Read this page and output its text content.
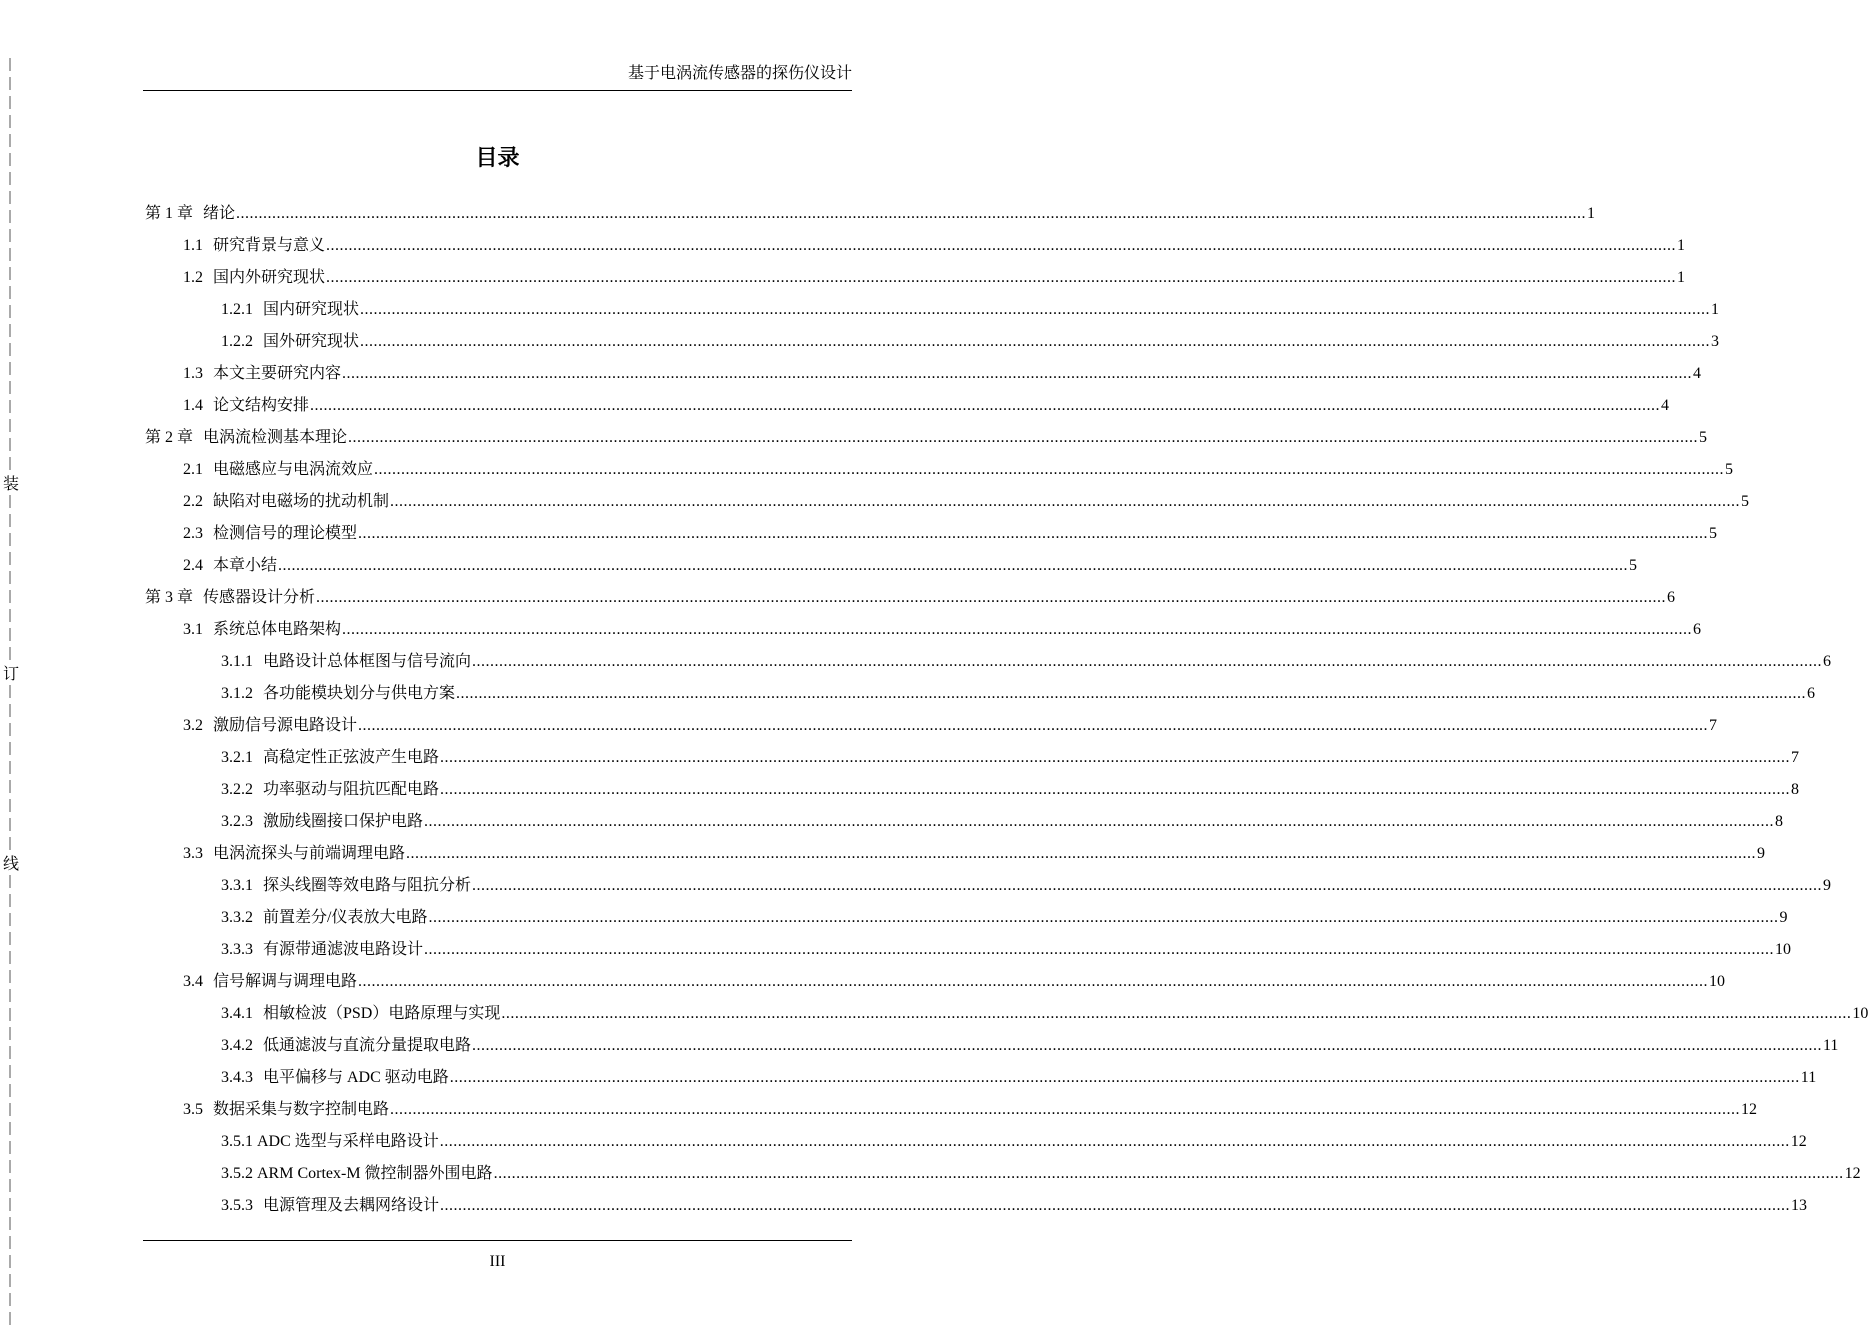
装
订
线
基于电涡流传感器的探伤仪设计
目录
第 1 章 绪论 ............................................................................................................................................................................................................................................................................................................ 1
1.1 研究背景与意义 ............................................................................................................................................................................................................................................................................................................ 1
1.2 国内外研究现状 ............................................................................................................................................................................................................................................................................................................ 1
1.2.1 国内研究现状 ............................................................................................................................................................................................................................................................................................................ 1
1.2.2 国外研究现状 ............................................................................................................................................................................................................................................................................................................ 3
1.3 本文主要研究内容 ............................................................................................................................................................................................................................................................................................................ 4
1.4 论文结构安排 ............................................................................................................................................................................................................................................................................................................ 4
第 2 章 电涡流检测基本理论 ............................................................................................................................................................................................................................................................................................................ 5
2.1 电磁感应与电涡流效应 ............................................................................................................................................................................................................................................................................................................ 5
2.2 缺陷对电磁场的扰动机制 ............................................................................................................................................................................................................................................................................................................ 5
2.3 检测信号的理论模型 ............................................................................................................................................................................................................................................................................................................ 5
2.4 本章小结 ............................................................................................................................................................................................................................................................................................................ 5
第 3 章 传感器设计分析 ............................................................................................................................................................................................................................................................................................................ 6
3.1 系统总体电路架构 ............................................................................................................................................................................................................................................................................................................ 6
3.1.1 电路设计总体框图与信号流向 ............................................................................................................................................................................................................................................................................................................ 6
3.1.2 各功能模块划分与供电方案 ............................................................................................................................................................................................................................................................................................................ 6
3.2 激励信号源电路设计 ............................................................................................................................................................................................................................................................................................................ 7
3.2.1 高稳定性正弦波产生电路 ............................................................................................................................................................................................................................................................................................................ 7
3.2.2 功率驱动与阻抗匹配电路 ............................................................................................................................................................................................................................................................................................................ 8
3.2.3 激励线圈接口保护电路 ............................................................................................................................................................................................................................................................................................................ 8
3.3 电涡流探头与前端调理电路 ............................................................................................................................................................................................................................................................................................................ 9
3.3.1 探头线圈等效电路与阻抗分析 ............................................................................................................................................................................................................................................................................................................ 9
3.3.2 前置差分/仪表放大电路 ............................................................................................................................................................................................................................................................................................................ 9
3.3.3 有源带通滤波电路设计 ............................................................................................................................................................................................................................................................................................................ 10
3.4 信号解调与调理电路 ............................................................................................................................................................................................................................................................................................................ 10
3.4.1 相敏检波（PSD）电路原理与实现 ............................................................................................................................................................................................................................................................................................................ 10
3.4.2 低通滤波与直流分量提取电路 ............................................................................................................................................................................................................................................................................................................ 11
3.4.3 电平偏移与 ADC 驱动电路 ............................................................................................................................................................................................................................................................................................................ 11
3.5 数据采集与数字控制电路 ............................................................................................................................................................................................................................................................................................................ 12
3.5.1 ADC 选型与采样电路设计 ............................................................................................................................................................................................................................................................................................................ 12
3.5.2 ARM Cortex-M 微控制器外围电路 ............................................................................................................................................................................................................................................................................................................ 12
3.5.3 电源管理及去耦网络设计 ............................................................................................................................................................................................................................................................................................................ 13
III
